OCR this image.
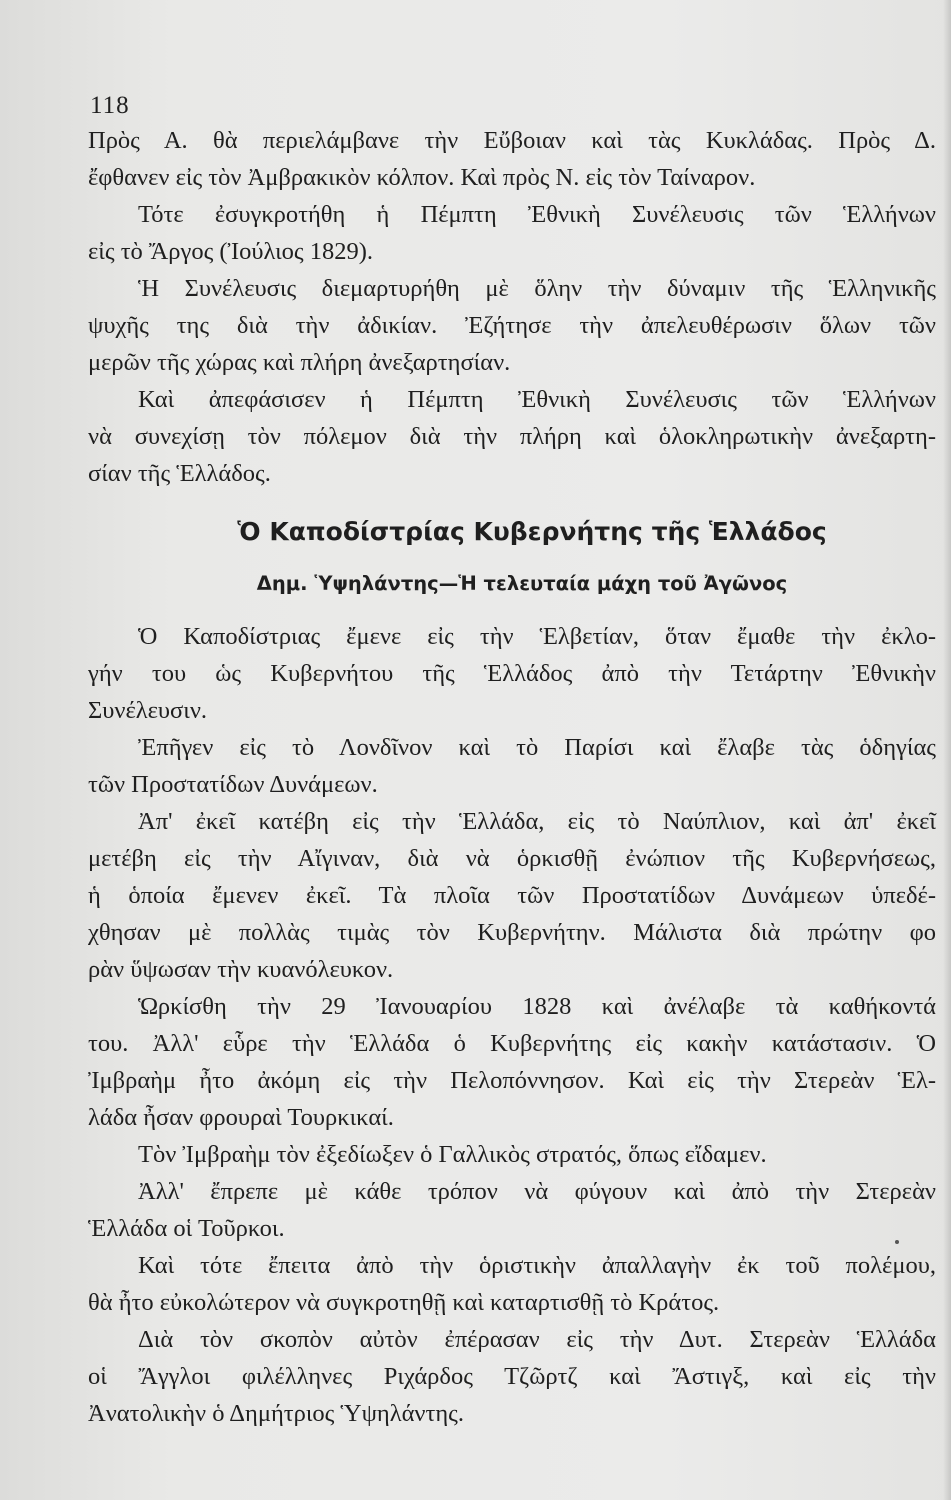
118
Πρὸς Α. θὰ περιελάμβανε τὴν Εὔβοιαν καὶ τὰς Κυκλάδας. Πρὸς Δ.
ἔφθανεν εἰς τὸν Ἀμβρακικὸν κόλπον. Καὶ πρὸς Ν. εἰς τὸν Ταίναρον.
Τότε ἐσυγκροτήθη ἡ Πέμπτη Ἐθνικὴ Συνέλευσις τῶν Ἑλλήνων
εἰς τὸ Ἄργος (Ἰούλιος 1829).
Ἡ Συνέλευσις διεμαρτυρήθη μὲ ὅλην τὴν δύναμιν τῆς Ἑλληνικῆς
ψυχῆς της διὰ τὴν ἀδικίαν. Ἐζήτησε τὴν ἀπελευθέρωσιν ὅλων τῶν
μερῶν τῆς χώρας καὶ πλήρη ἀνεξαρτησίαν.
Καὶ ἀπεφάσισεν ἡ Πέμπτη Ἐθνικὴ Συνέλευσις τῶν Ἑλλήνων
νὰ συνεχίσῃ τὸν πόλεμον διὰ τὴν πλήρη καὶ ὁλοκληρωτικὴν ἀνεξαρτη-
σίαν τῆς Ἑλλάδος.
Ὁ Καποδίστρίας Κυβερνήτης τῆς Ἑλλάδος
Δημ. Ὑψηλάντης—Ἡ τελευταία μάχη τοῦ Ἀγῶνος
Ὁ Καποδίστριας ἔμενε εἰς τὴν Ἑλβετίαν, ὅταν ἔμαθε τὴν ἐκλο-
γήν του ὡς Κυβερνήτου τῆς Ἑλλάδος ἀπὸ τὴν Τετάρτην Ἐθνικὴν
Συνέλευσιν.
Ἐπῆγεν εἰς τὸ Λονδῖνον καὶ τὸ Παρίσι καὶ ἔλαβε τὰς ὁδηγίας
τῶν Προστατίδων Δυνάμεων.
Ἀπ' ἐκεῖ κατέβη εἰς τὴν Ἑλλάδα, εἰς τὸ Ναύπλιον, καὶ ἀπ' ἐκεῖ
μετέβη εἰς τὴν Αἴγιναν, διὰ νὰ ὁρκισθῇ ἐνώπιον τῆς Κυβερνήσεως,
ἡ ὁποία ἔμενεν ἐκεῖ. Τὰ πλοῖα τῶν Προστατίδων Δυνάμεων ὑπεδέ-
χθησαν μὲ πολλὰς τιμὰς τὸν Κυβερνήτην. Μάλιστα διὰ πρώτην φο
ρὰν ὕψωσαν τὴν κυανόλευκον.
Ὡρκίσθη τὴν 29 Ἰανουαρίου 1828 καὶ ἀνέλαβε τὰ καθήκοντά
του. Ἀλλ' εὗρε τὴν Ἑλλάδα ὁ Κυβερνήτης εἰς κακὴν κατάστασιν. Ὁ
Ἰμβραὴμ ἦτο ἀκόμη εἰς τὴν Πελοπόννησον. Καὶ εἰς τὴν Στερεὰν Ἑλ-
λάδα ἦσαν φρουραὶ Τουρκικαί.
Τὸν Ἰμβραὴμ τὸν ἐξεδίωξεν ὁ Γαλλικὸς στρατός, ὅπως εἴδαμεν.
Ἀλλ' ἔπρεπε μὲ κάθε τρόπον νὰ φύγουν καὶ ἀπὸ τὴν Στερεὰν
Ἑλλάδα οἱ Τοῦρκοι.
Καὶ τότε ἔπειτα ἀπὸ τὴν ὁριστικὴν ἀπαλλαγὴν ἐκ τοῦ πολέμου,
θὰ ἦτο εὐκολώτερον νὰ συγκροτηθῇ καὶ καταρτισθῇ τὸ Κράτος.
Διὰ τὸν σκοπὸν αὐτὸν ἐπέρασαν εἰς τὴν Δυτ. Στερεὰν Ἑλλάδα
οἱ Ἄγγλοι φιλέλληνες Ριχάρδος Τζῶρτζ καὶ Ἄστιγξ, καὶ εἰς τὴν
Ἀνατολικὴν ὁ Δημήτριος Ὑψηλάντης.
